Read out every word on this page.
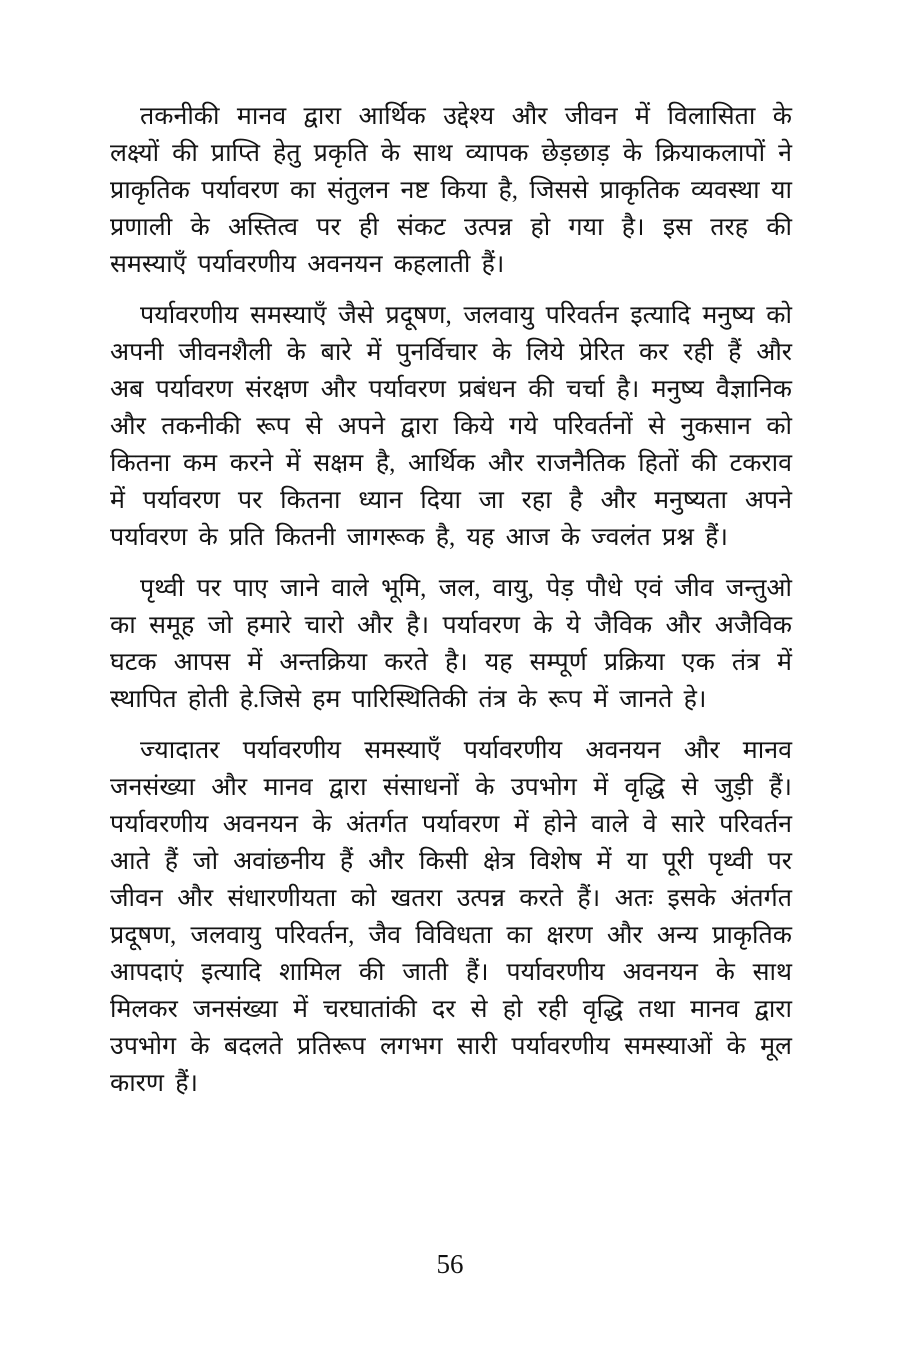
तकनीकी मानव द्वारा आर्थिक उद्देश्य और जीवन में विलासिता के लक्ष्यों की प्राप्ति हेतु प्रकृति के साथ व्यापक छेड़छाड़ के क्रियाकलापों ने प्राकृतिक पर्यावरण का संतुलन नष्ट किया है, जिससे प्राकृतिक व्यवस्था या प्रणाली के अस्तित्व पर ही संकट उत्पन्न हो गया है। इस तरह की समस्याएँ पर्यावरणीय अवनयन कहलाती हैं।

पर्यावरणीय समस्याएँ जैसे प्रदूषण, जलवायु परिवर्तन इत्यादि मनुष्य को अपनी जीवनशैली के बारे में पुनर्विचार के लिये प्रेरित कर रही हैं और अब पर्यावरण संरक्षण और पर्यावरण प्रबंधन की चर्चा है। मनुष्य वैज्ञानिक और तकनीकी रूप से अपने द्वारा किये गये परिवर्तनों से नुकसान को कितना कम करने में सक्षम है, आर्थिक और राजनैतिक हितों की टकराव में पर्यावरण पर कितना ध्यान दिया जा रहा है और मनुष्यता अपने पर्यावरण के प्रति कितनी जागरूक है, यह आज के ज्वलंत प्रश्न हैं।

पृथ्वी पर पाए जाने वाले भूमि, जल, वायु, पेड़ पौधे एवं जीव जन्तुओ का समूह जो हमारे चारो और है। पर्यावरण के ये जैविक और अजैविक घटक आपस में अन्तक्रिया करते है। यह सम्पूर्ण प्रक्रिया एक तंत्र में स्थापित होती हे.जिसे हम पारिस्थितिकी तंत्र के रूप में जानते हे।

ज्यादातर पर्यावरणीय समस्याएँ पर्यावरणीय अवनयन और मानव जनसंख्या और मानव द्वारा संसाधनों के उपभोग में वृद्धि से जुड़ी हैं। पर्यावरणीय अवनयन के अंतर्गत पर्यावरण में होने वाले वे सारे परिवर्तन आते हैं जो अवांछनीय हैं और किसी क्षेत्र विशेष में या पूरी पृथ्वी पर जीवन और संधारणीयता को खतरा उत्पन्न करते हैं। अतः इसके अंतर्गत प्रदूषण, जलवायु परिवर्तन, जैव विविधता का क्षरण और अन्य प्राकृतिक आपदाएं इत्यादि शामिल की जाती हैं। पर्यावरणीय अवनयन के साथ मिलकर जनसंख्या में चरघातांकी दर से हो रही वृद्धि तथा मानव द्वारा उपभोग के बदलते प्रतिरूप लगभग सारी पर्यावरणीय समस्याओं के मूल कारण हैं।

56
